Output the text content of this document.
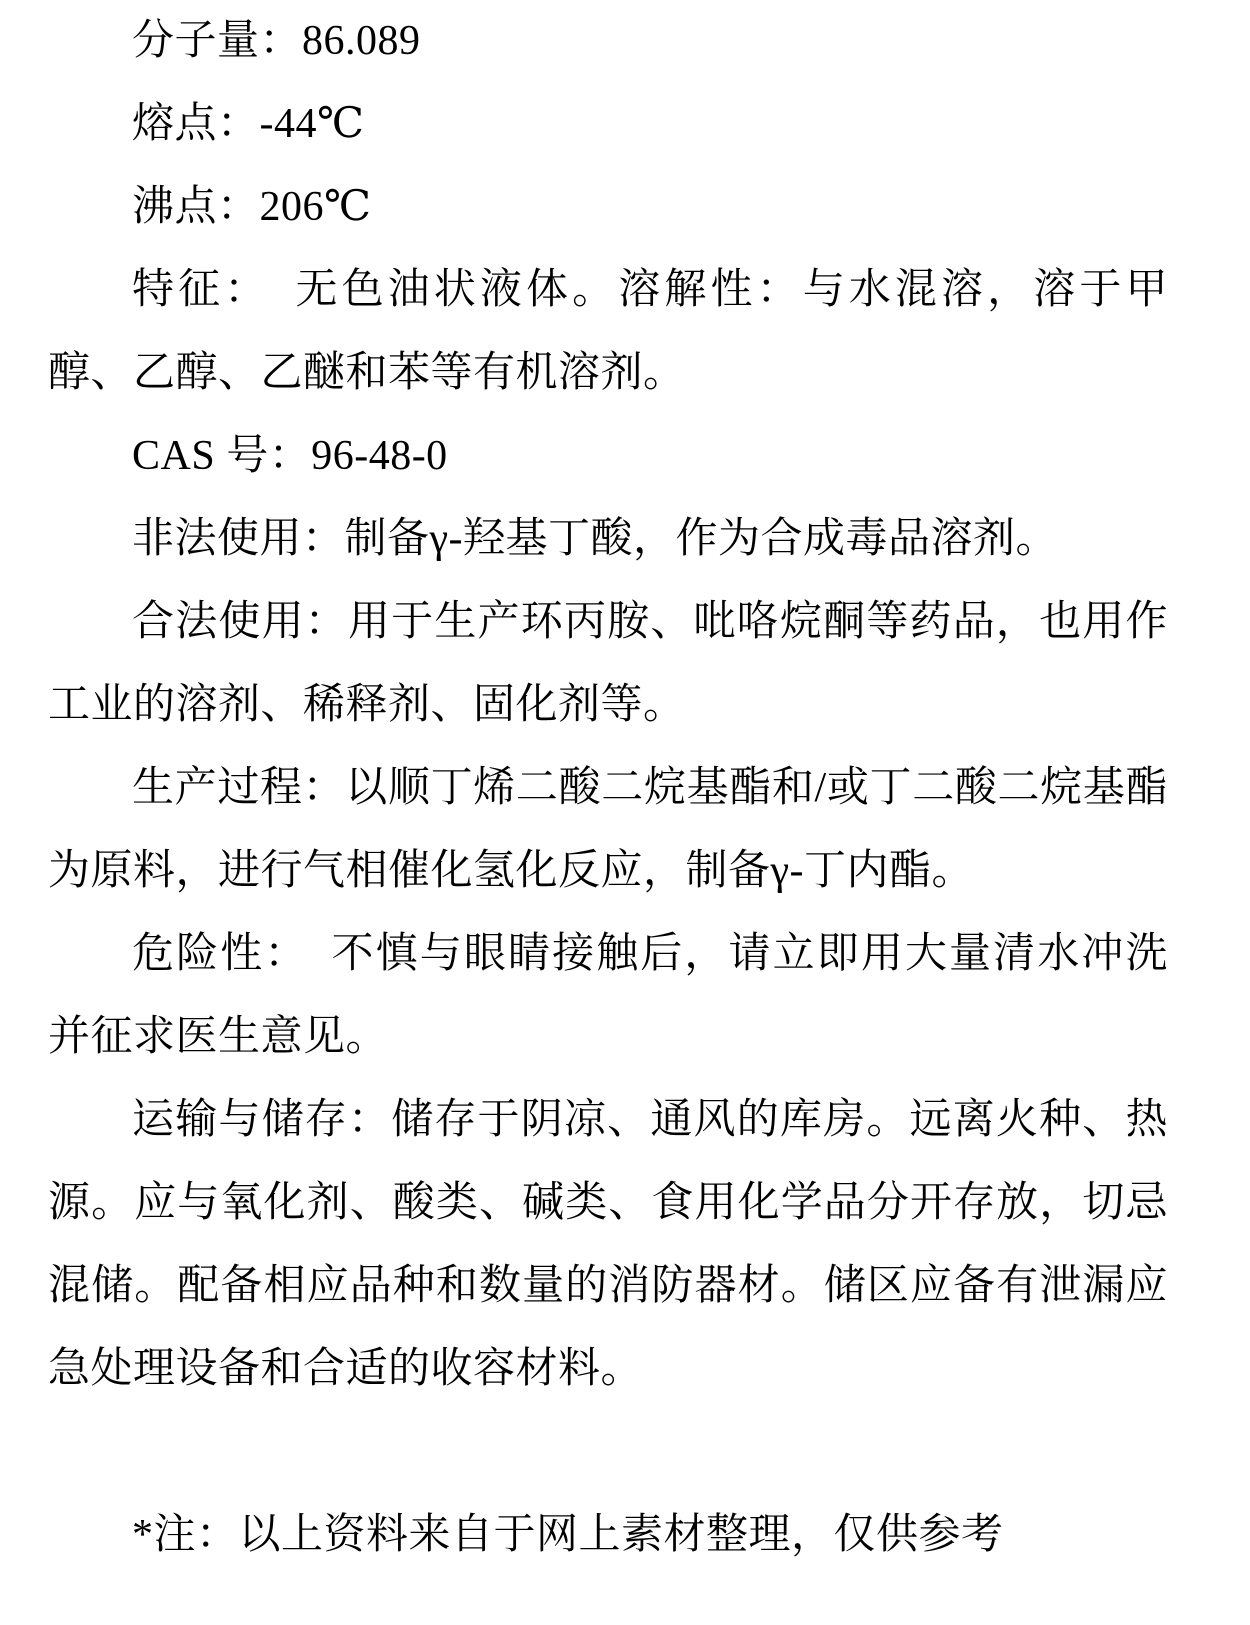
分子量：86.089

熔点：-44℃

沸点：206℃

特征：　无色油状液体。溶解性：与水混溶，溶于甲醇、乙醇、乙醚和苯等有机溶剂。

CAS 号：96-48-0

非法使用：制备γ-羟基丁酸，作为合成毒品溶剂。

合法使用：用于生产环丙胺、吡咯烷酮等药品，也用作工业的溶剂、稀释剂、固化剂等。

生产过程：以顺丁烯二酸二烷基酯和/或丁二酸二烷基酯为原料，进行气相催化氢化反应，制备γ-丁内酯。

危险性：　不慎与眼睛接触后，请立即用大量清水冲洗并征求医生意见。

运输与储存：储存于阴凉、通风的库房。远离火种、热源。应与氧化剂、酸类、碱类、食用化学品分开存放，切忌混储。配备相应品种和数量的消防器材。储区应备有泄漏应急处理设备和合适的收容材料。

*注：以上资料来自于网上素材整理，仅供参考
